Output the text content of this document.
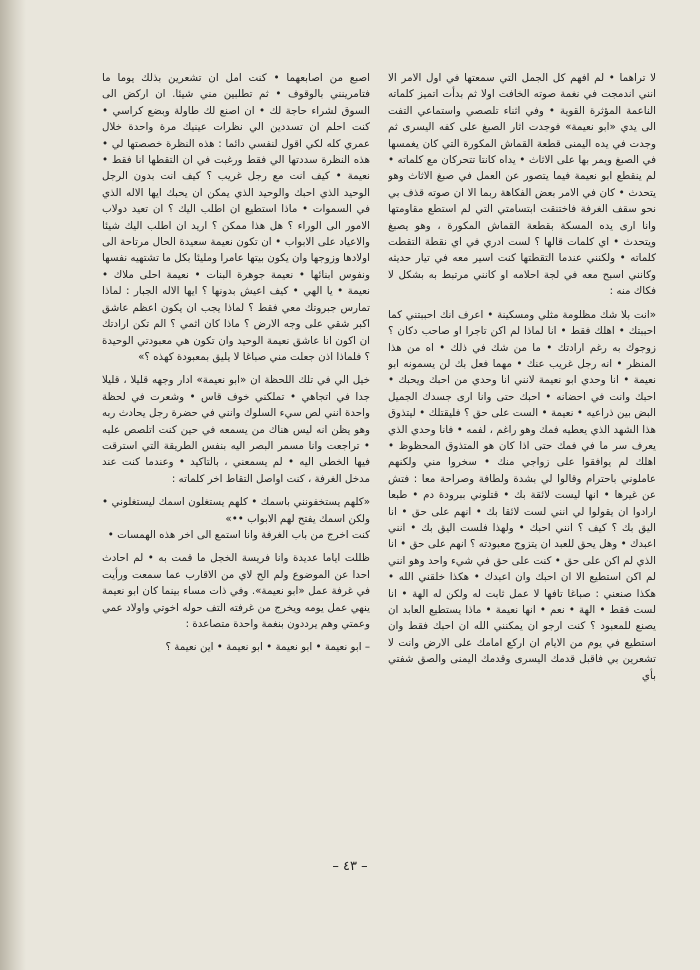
لا تراهما • لم افهم كل الجمل التي سمعتها في اول الامر الا انني اندمجت في نغمة صوته الخافت اولا ثم بدأت اتميز كلماته الناعمة المؤثرة القوية • وفي اثناء تلصصي واستماعي التفت الى يدي «ابو نعيمة» فوجدت اثار الصبغ على كفه اليسرى ثم وجدت في يده اليمنى قطعة القماش المكورة التي كان يغمسها في الصبغ ويمر بها على الاثاث • يداه كانتا تتحركان مع كلماته • لم ينقطع ابو نعيمة فيما يتصور عن العمل في صبغ الاثاث وهو يتحدث • كان في الامر بعض الفكاهة ربما الا ان صوته قذف بي نحو سقف الغرفة فاختنقت ابتسامتي التي لم استطع مقاومتها وانا ارى يده المسكة بقطعة القماش المكورة ، وهو يصبغ ويتحدث • اي كلمات قالها ؟ لست ادري في اي نقطة التقطت كلماته • ولكنني عندما التقطتها كنت اسير معه في تيار حديثه وكانني اسبح معه في لجة احلامه او كانني مرتبط به بشكل لا فكاك منه :

«انت بلا شك مظلومة مثلي ومسكينة • اعرف انك احببتني كما احببتك • اهلك فقط • انا لماذا لم اكن تاجرا او صاحب دكان ؟ زوجوك به رغم ارادتك • ما من شك في ذلك • اه من هذا المنظر • انه رجل غريب عنك • مهما فعل بك لن يسمونه ابو نعيمة • انا وحدي ابو نعيمة لانني انا وحدي من احبك ويحبك • احبك وانت في احضانه • احبك حتى وانا ارى جسدك الجميل البض بين ذراعيه • نعيمة • الست على حق ؟ فليقتلك • ليتذوق هذا الشهد الذي يعطيه فمك وهو راغم ، لفمه • فانا وحدي الذي يعرف سر ما في فمك حتى اذا كان هو المتذوق المحظوظ • اهلك لم يوافقوا على زواجي منك • سخروا مني ولكنهم عاملوني باحترام وقالوا لي بشدة ولطافة وصراحة معا : فتش عن غيرها • انها ليست لائقة بك • قتلوني ببرودة دم • طبعا ارادوا ان يقولوا لي انني لست لائقا بك • انهم على حق • انا اليق بك ؟ كيف ؟ انني احبك • ولهذا فلست اليق بك • انني اعبدك • وهل يحق للعبد ان يتزوج معبودته ؟ انهم على حق • انا الذي لم اكن على حق • كنت على حق في شيء واحد وهو انني لم اكن استطيع الا ان احبك وان اعبدك • هكذا خلقني الله • هكذا صنعني : صباغا تافها لا عمل ثابت له ولكن له الهة • انا لست فقط • الهة • نعم • انها نعيمة • ماذا يستطيع العابد ان يصنع للمعبود ؟ كنت ارجو ان يمكنني الله ان احبك فقط وان استطيع في يوم من الايام ان اركع امامك على الارض وانت لا تشعرين بي فاقبل قدمك اليسرى وقدمك اليمنى والصق شفتي بأي

اصبع من اصابعهما • كنت امل ان تشعرين بذلك يوما ما فتامرينني بالوقوف • ثم تطلبين مني شيئا. ان اركض الى السوق لشراء حاجة لك • ان اصنع لك طاولة وبضع كراسي • كنت احلم ان تسددين الي نظرات عينيك مرة واحدة خلال عمري كله لكي اقول لنفسي دائما : هذه النظرة خصصتها لي • هذه النظرة سددتها الي فقط ورغبت في ان التقطها انا فقط • نعيمة • كيف انت مع رجل غريب ؟ كيف انت بدون الرجل الوحيد الذي احبك والوحيد الذي يمكن ان يحبك ايها الاله الذي في السموات • ماذا استطيع ان اطلب اليك ؟ ان تعيد دولاب الامور الى الوراء ؟ هل هذا ممكن ؟ اريد ان اطلب اليك شيئا والاعياد على الابواب • ان تكون نعيمة سعيدة الحال مرتاحة الى اولادها وزوجها وان يكون بيتها عامرا ومليئا بكل ما تشتهيه نفسها ونفوس ابنائها • نعيمة جوهرة البنات • نعيمة احلى ملاك • نعيمة • يا الهي • كيف اعيش بدونها ؟ ايها الاله الجبار : لماذا تمارس جبروتك معي فقط ؟ لماذا يجب ان يكون اعظم عاشق اكبر شقي على وجه الارض ؟ ماذا كان اثمي ؟ الم تكن ارادتك ان اكون انا عاشق نعيمة الوحيد وان تكون هي معبودتي الوحيدة ؟ فلماذا اذن جعلت مني صباغا لا يليق بمعبودة كهذه ؟»

خيل الي في تلك اللحظة ان «ابو نعيمة» ادار وجهه قليلا ، قليلا جدا في اتجاهي • تملكني خوف قاس • وشعرت في لحظة واحدة انني لص سيء السلوك وانني في حضرة رجل يحادث ربه وهو يظن انه ليس هناك من يسمعه في حين كنت اتلصص عليه • تراجعت وانا مسمر البصر اليه بنفس الطريقة التي استرقت فيها الخطى اليه • لم يسمعني ، بالتاكيد • وعندما كنت عند مدخل الغرفة ، كنت اواصل التقاط اخر كلماته :

«كلهم يستخفونني باسمك • كلهم يستغلون اسمك ليستغلوني • ولكن اسمك يفتح لهم الابواب ••»

كنت اخرج من باب الغرفة وانا استمع الى اخر هذه الهمسات •

ظللت اياما عديدة وانا فريسة الخجل ما قمت به • لم احادث احدا عن الموضوع ولم الح لاي من الاقارب عما سمعت ورأيت في غرفة عمل «ابو نعيمة». وفي ذات مساء بينما كان ابو نعيمة ينهي عمل يومه ويخرج من غرفته التف حوله اخوتي واولاد عمي وعمتي وهم يرددون بنغمة واحدة متصاعدة :

– ابو نعيمة • ابو نعيمة • ابو نعيمة • اين نعيمة ؟

– ٤٣ –
